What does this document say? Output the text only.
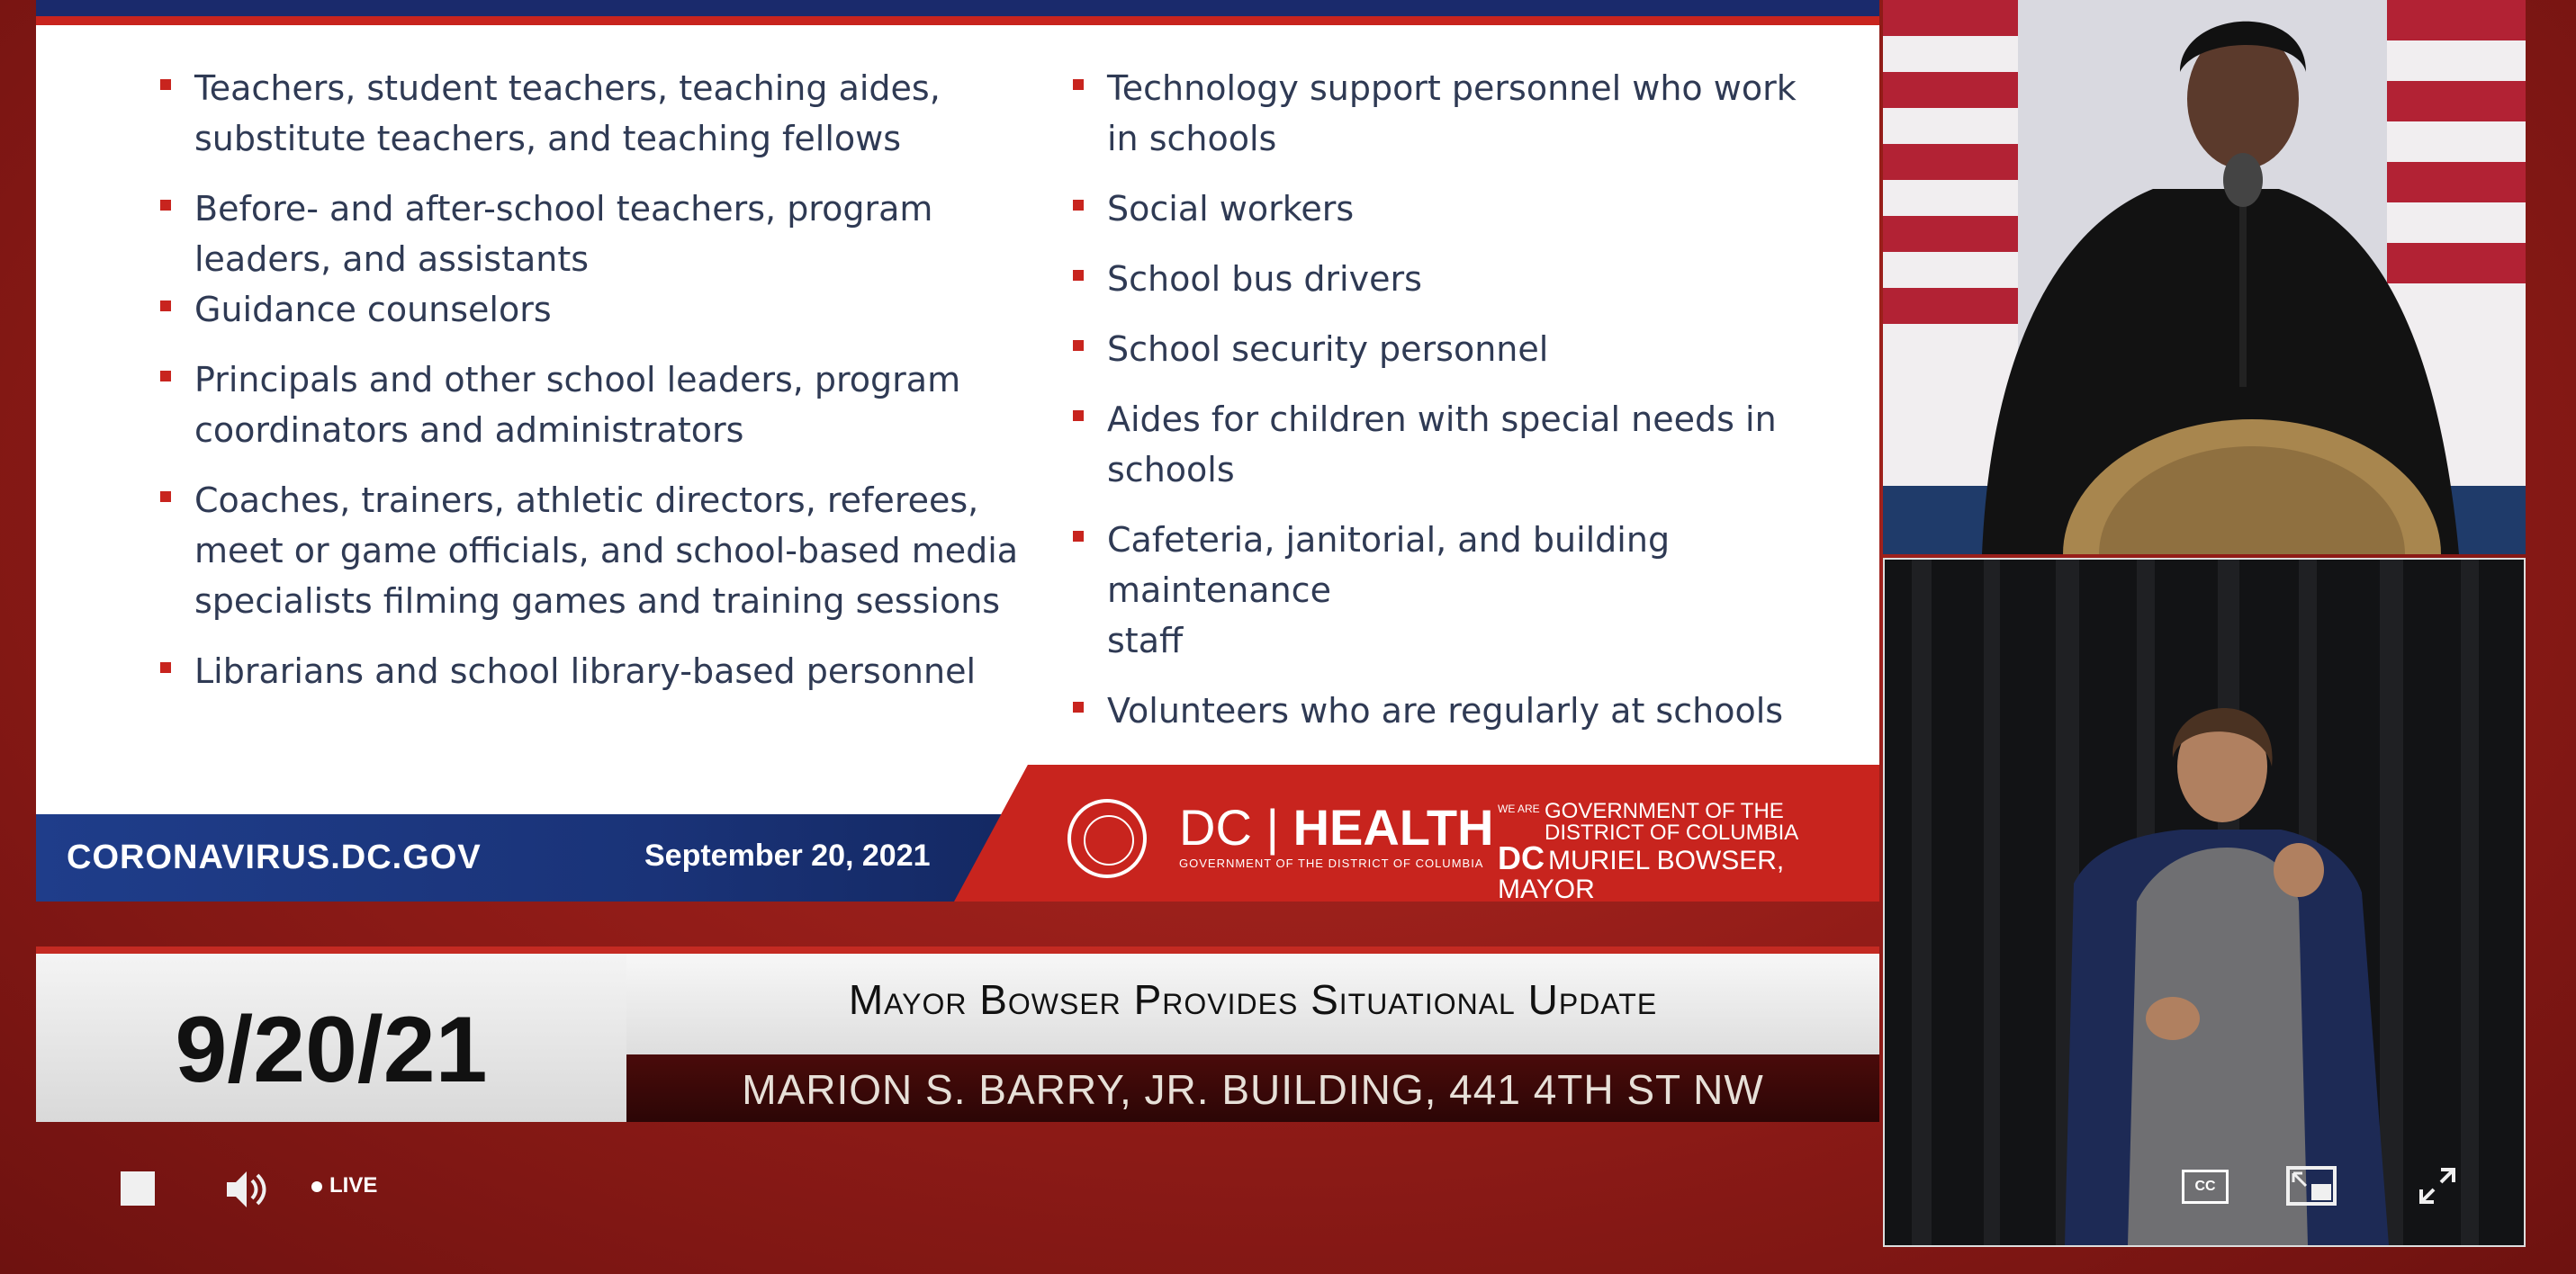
Teachers, student teachers, teaching aides,
substitute teachers, and teaching fellows
Before- and after-school teachers, program
leaders, and assistants
Guidance counselors
Principals and other school leaders, program
coordinators and administrators
Coaches, trainers, athletic directors, referees,
meet or game officials, and school-based media
specialists filming games and training sessions
Librarians and school library-based personnel
Technology support personnel who work
in schools
Social workers
School bus drivers
School security personnel
Aides for children with special needs in schools
Cafeteria, janitorial, and building maintenance
staff
Volunteers who are regularly at schools
CORONAVIRUS.DC.GOV	September 20, 2021	DC | HEALTH
GOVERNMENT OF THE DISTRICT OF COLUMBIA
WE ARE GOVERNMENT OF THE
DISTRICT OF COLUMBIA
DC MURIEL BOWSER, MAYOR
9/20/21	Mayor Bowser Provides Situational Update
MARION S. BARRY, JR. BUILDING, 441 4TH ST NW
LIVE	CC
